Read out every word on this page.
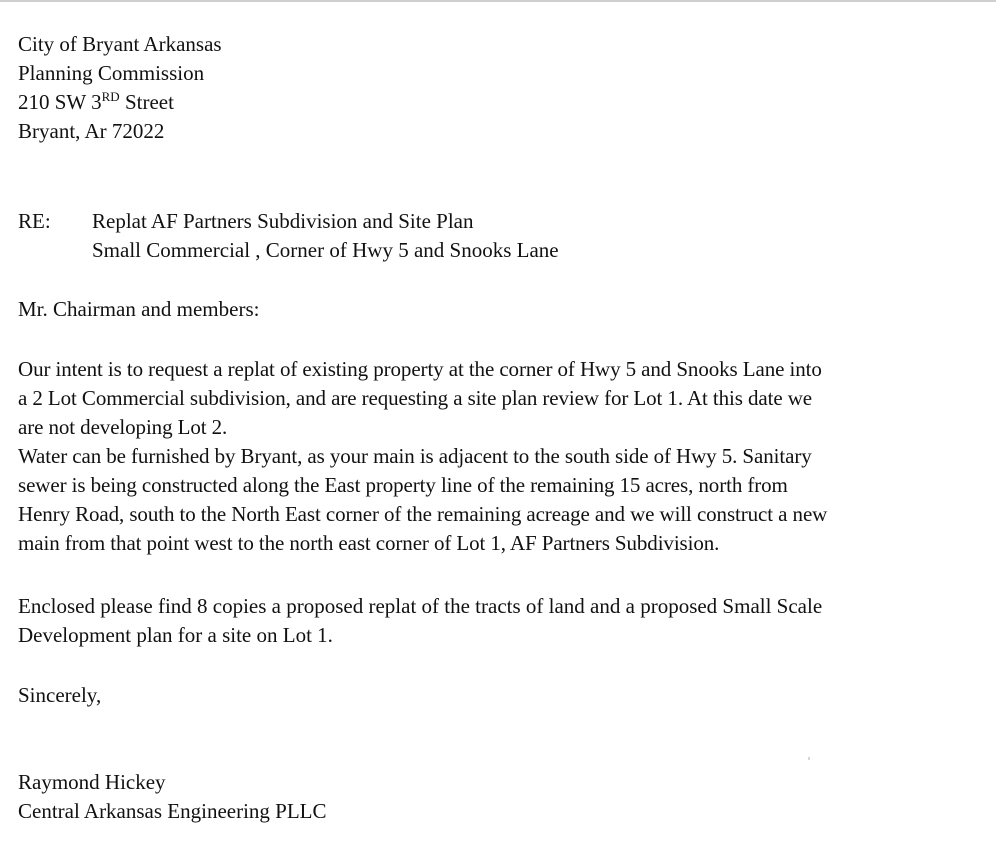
City of Bryant Arkansas
Planning Commission
210 SW 3RD Street
Bryant, Ar 72022
RE: Replat AF Partners Subdivision and Site Plan
Small Commercial , Corner of Hwy 5 and Snooks Lane
Mr. Chairman and members:
Our intent is to request a replat of existing property at the corner of Hwy 5 and Snooks Lane into
a 2 Lot Commercial subdivision, and are requesting a site plan review for Lot 1. At this date we
are not developing Lot 2.
Water can be furnished by Bryant, as your main is adjacent to the south side of Hwy 5. Sanitary
sewer is being constructed along the East property line of the remaining 15 acres, north from
Henry Road, south to the North East corner of the remaining acreage and we will construct a new
main from that point west to the north east corner of Lot 1, AF Partners Subdivision.
Enclosed please find 8 copies a proposed replat of the tracts of land and a proposed Small Scale
Development plan for a site on Lot 1.
Sincerely,
Raymond Hickey
Central Arkansas Engineering PLLC
